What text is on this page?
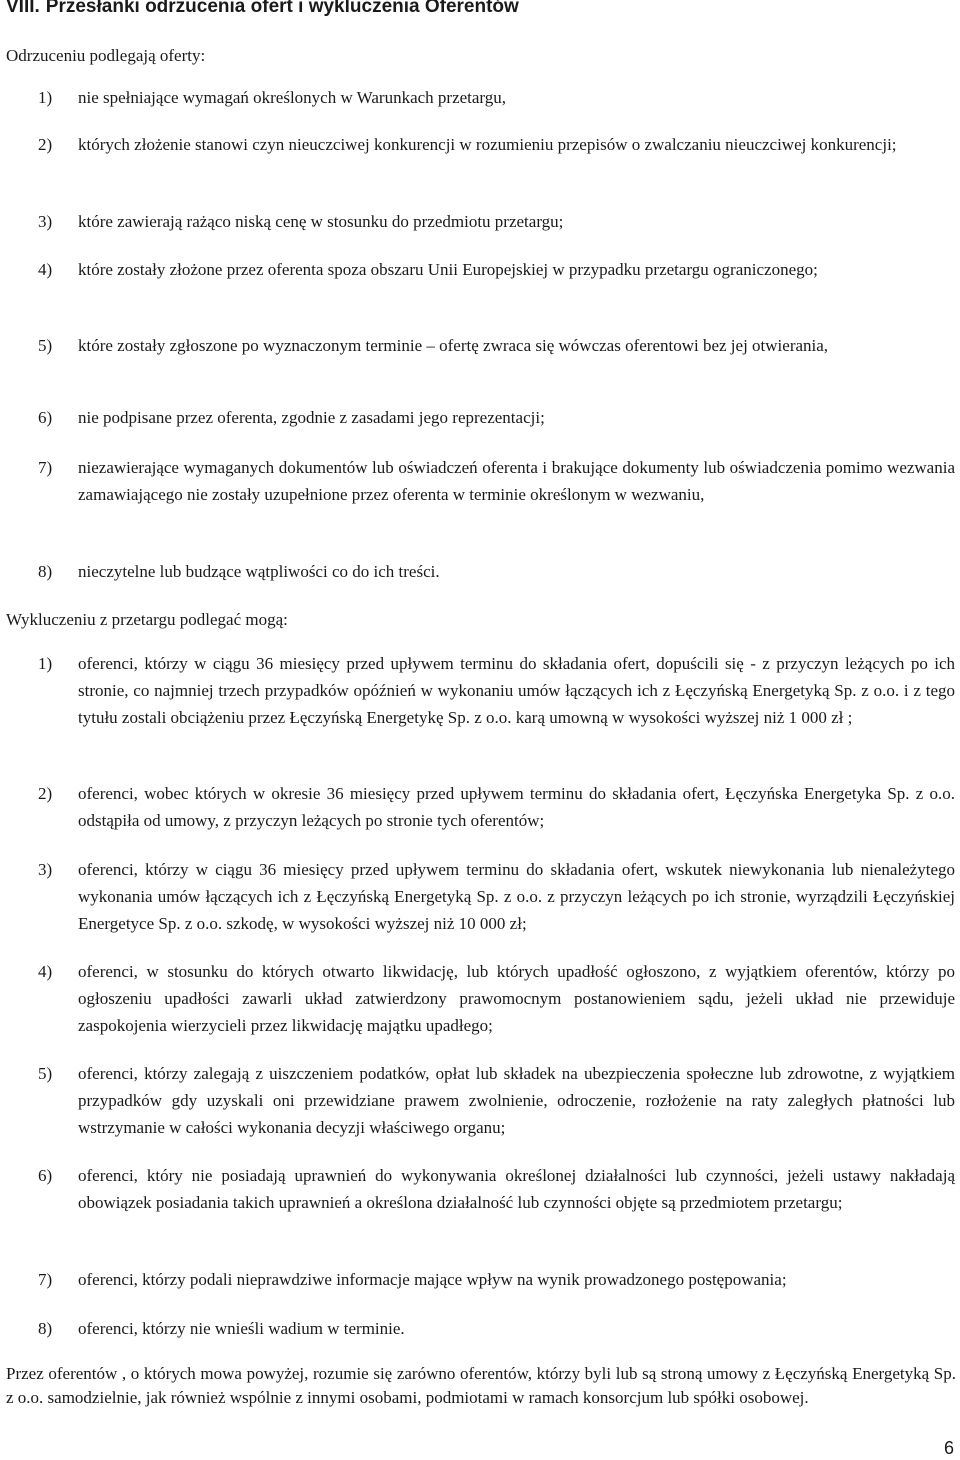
VIII. Przesłanki odrzucenia ofert i wykluczenia Oferentów

Odrzuceniu podlegają oferty:

1)	nie spełniające wymagań określonych w Warunkach przetargu,
2)	których złożenie stanowi czyn nieuczciwej konkurencji w rozumieniu przepisów o zwalczaniu nieuczciwej konkurencji;
3)	które zawierają rażąco niską cenę w stosunku do przedmiotu przetargu;
4)	które zostały złożone przez oferenta spoza obszaru Unii Europejskiej w przypadku przetargu ograniczonego;
5)	które zostały zgłoszone po wyznaczonym terminie – ofertę zwraca się wówczas oferentowi bez jej otwierania,
6)	nie podpisane przez oferenta, zgodnie z zasadami jego reprezentacji;
7)	niezawierające wymaganych dokumentów lub oświadczeń oferenta i brakujące dokumenty lub oświadczenia pomimo wezwania zamawiającego nie zostały uzupełnione przez oferenta w terminie określonym w wezwaniu,
8)	nieczytelne lub budzące wątpliwości co do ich treści.

Wykluczeniu z przetargu podlegać mogą:

1)	oferenci, którzy w ciągu 36 miesięcy przed upływem terminu do składania ofert, dopuścili się - z przyczyn leżących po ich stronie, co najmniej trzech przypadków opóźnień w wykonaniu umów łączących ich z Łęczyńską Energetyką Sp. z o.o. i z tego tytułu zostali obciążeniu przez Łęczyńską Energetykę Sp. z o.o. karą umowną w wysokości wyższej niż 1 000 zł ;
2)	oferenci, wobec których w okresie 36 miesięcy przed upływem terminu do składania ofert, Łęczyńska Energetyka Sp. z o.o. odstąpiła od umowy, z przyczyn leżących po stronie tych oferentów;
3)	oferenci, którzy w ciągu 36 miesięcy przed upływem terminu do składania ofert, wskutek niewykonania lub nienależytego wykonania umów łączących ich z Łęczyńską Energetyką Sp. z o.o. z przyczyn leżących po ich stronie, wyrządzili Łęczyńskiej Energetyce Sp. z o.o. szkodę, w wysokości wyższej niż 10 000 zł;
4)	oferenci, w stosunku do których otwarto likwidację, lub których upadłość ogłoszono, z wyjątkiem oferentów, którzy po ogłoszeniu upadłości zawarli układ zatwierdzony prawomocnym postanowieniem sądu, jeżeli układ nie przewiduje zaspokojenia wierzycieli przez likwidację majątku upadłego;
5)	oferenci, którzy zalegają z uiszczeniem podatków, opłat lub składek na ubezpieczenia społeczne lub zdrowotne, z wyjątkiem przypadków gdy uzyskali oni przewidziane prawem zwolnienie, odroczenie, rozłożenie na raty zaległych płatności lub wstrzymanie w całości wykonania decyzji właściwego organu;
6)	oferenci, który nie posiadają uprawnień do wykonywania określonej działalności lub czynności, jeżeli ustawy nakładają obowiązek posiadania takich uprawnień a określona działalność lub czynności objęte są przedmiotem przetargu;
7)	oferenci, którzy podali nieprawdziwe informacje mające wpływ na wynik prowadzonego postępowania;
8)	oferenci, którzy nie wnieśli wadium w terminie.

Przez oferentów , o których mowa powyżej, rozumie się zarówno oferentów, którzy byli lub są stroną umowy z Łęczyńską Energetyką Sp. z o.o. samodzielnie, jak również wspólnie z innymi osobami, podmiotami w ramach konsorcjum lub spółki osobowej.

6
